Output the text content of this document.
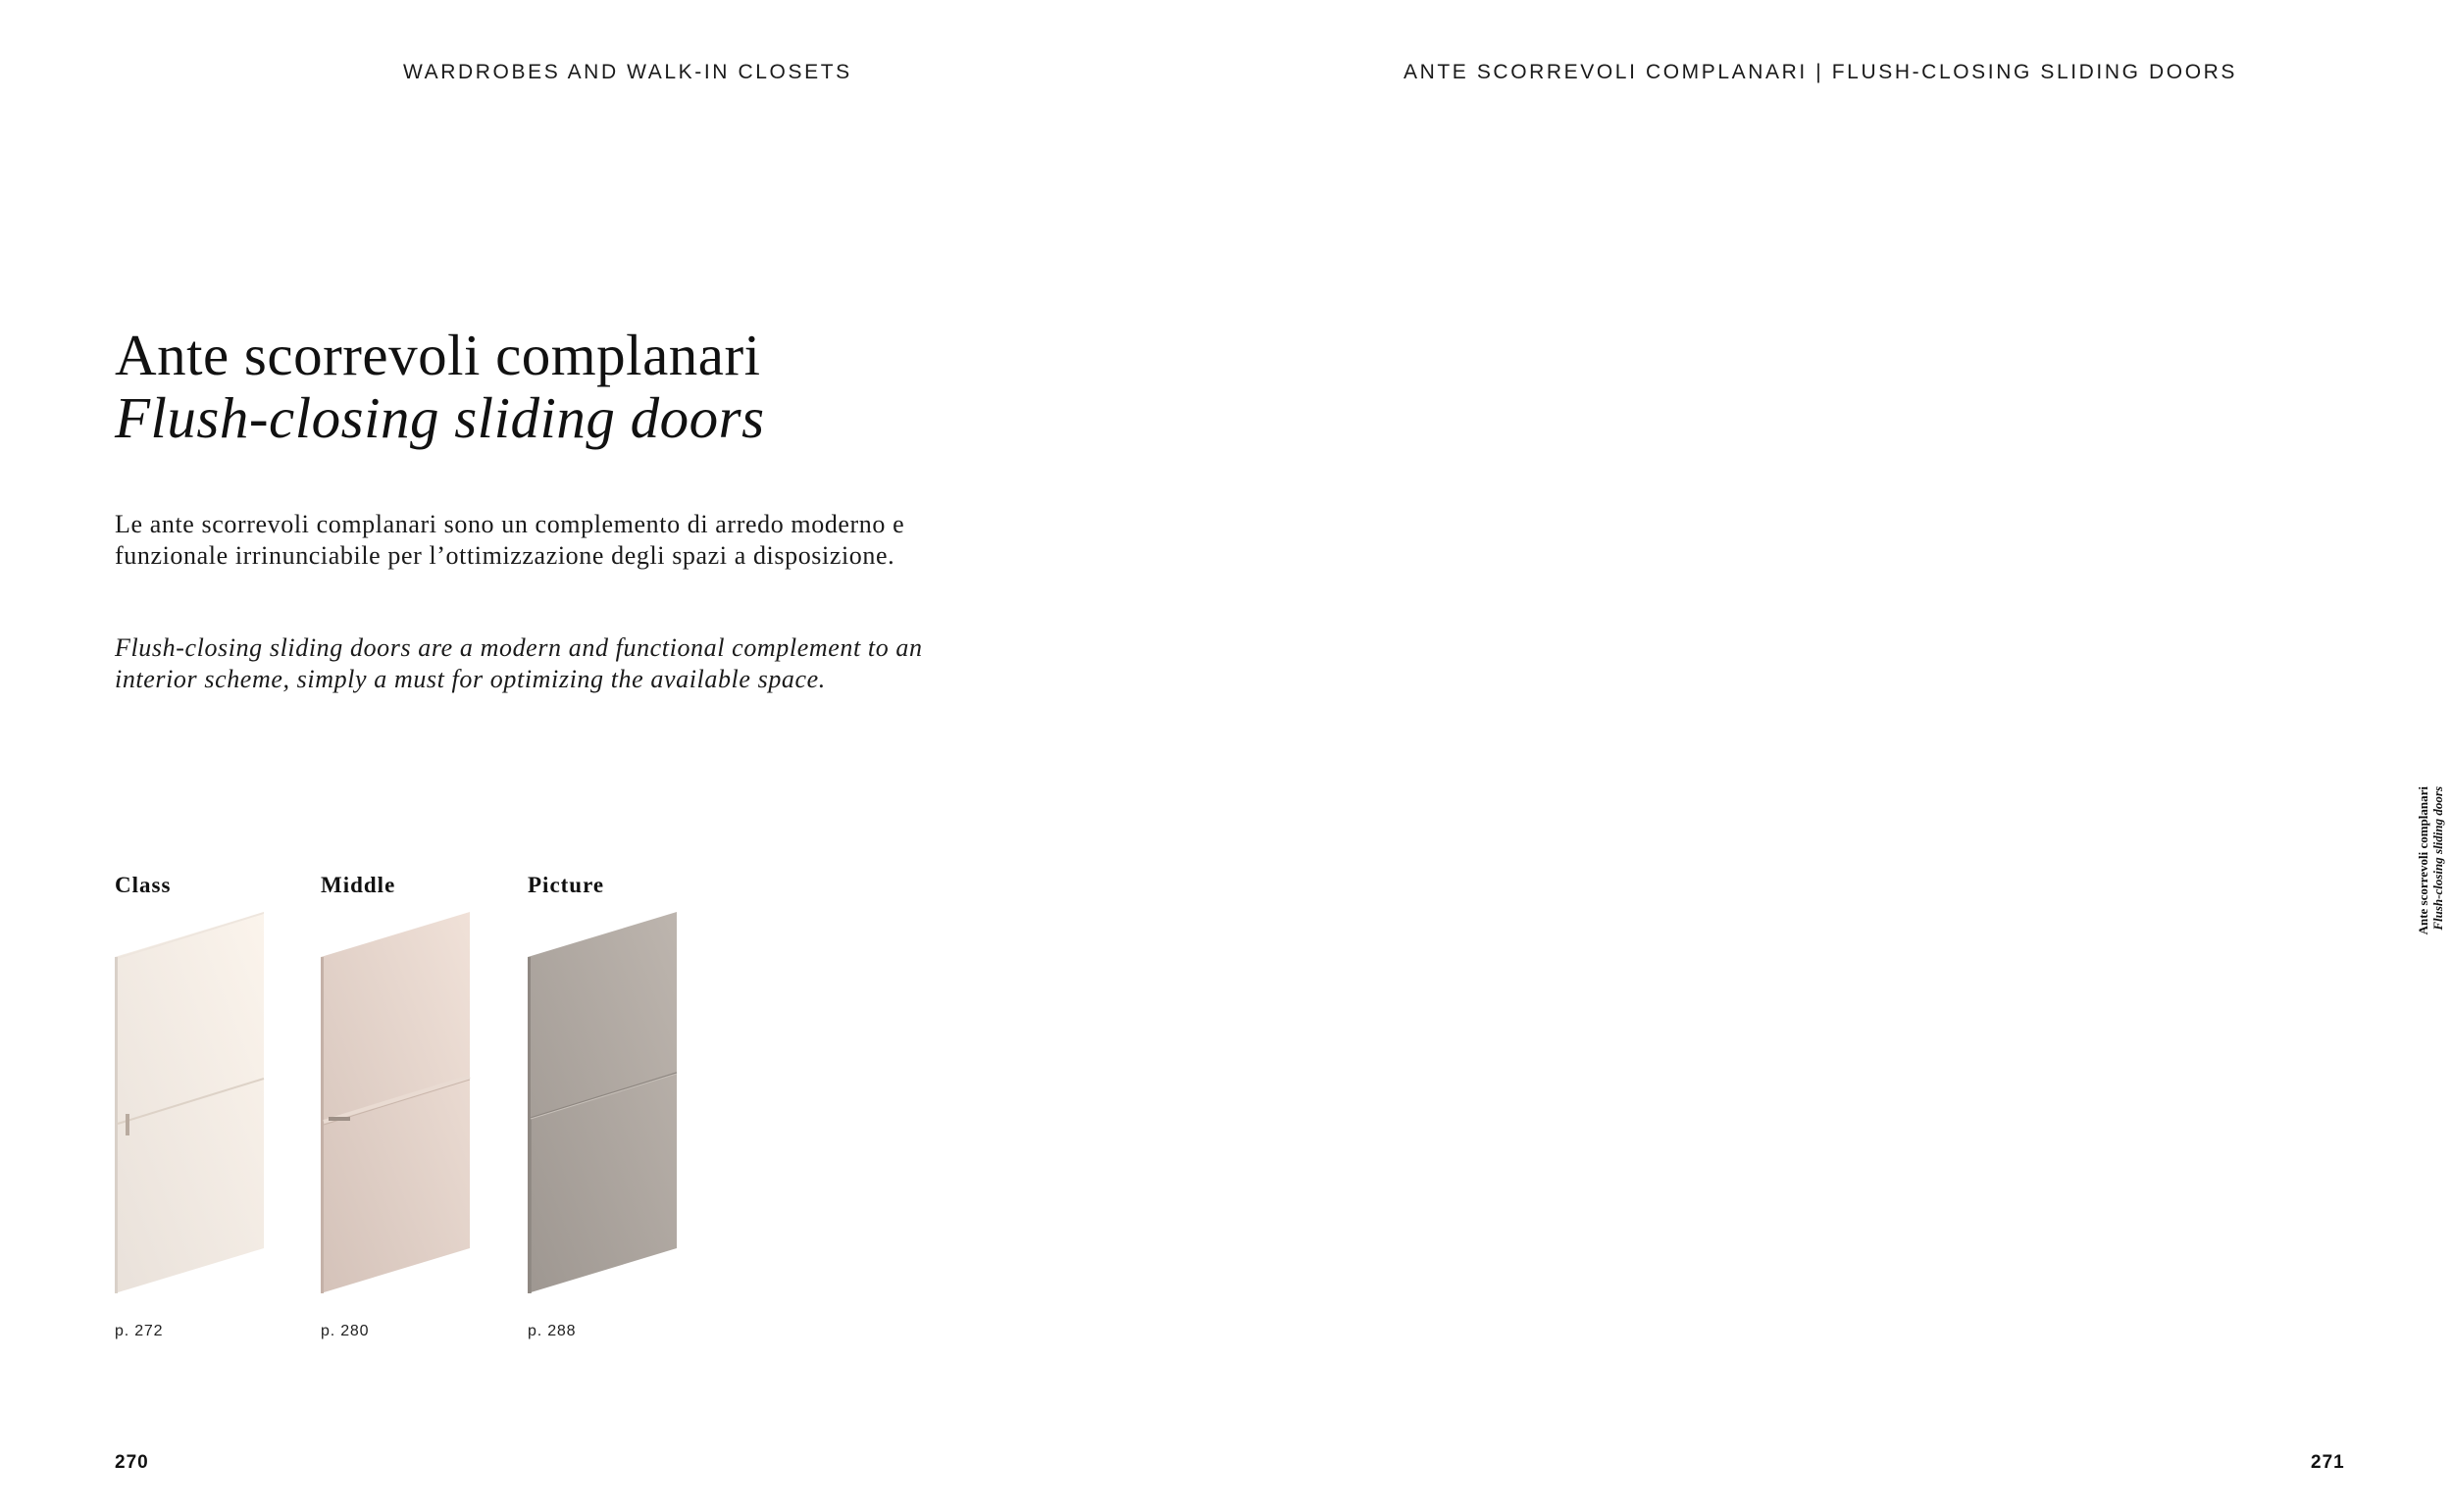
WARDROBES AND WALK-IN CLOSETS	ANTE SCORREVOLI COMPLANARI | FLUSH-CLOSING SLIDING DOORS
Ante scorrevoli complanari
Flush-closing sliding doors

Le ante scorrevoli complanari sono un complemento di arredo moderno e funzionale irrinunciabile per l’ottimizzazione degli spazi a disposizione.

Flush-closing sliding doors are a modern and functional complement to an interior scheme, simply a must for optimizing the available space.

Class
p. 272
Middle
p. 280
Picture
p. 288
270	271
Ante scorrevoli complanari Flush-closing sliding doors
